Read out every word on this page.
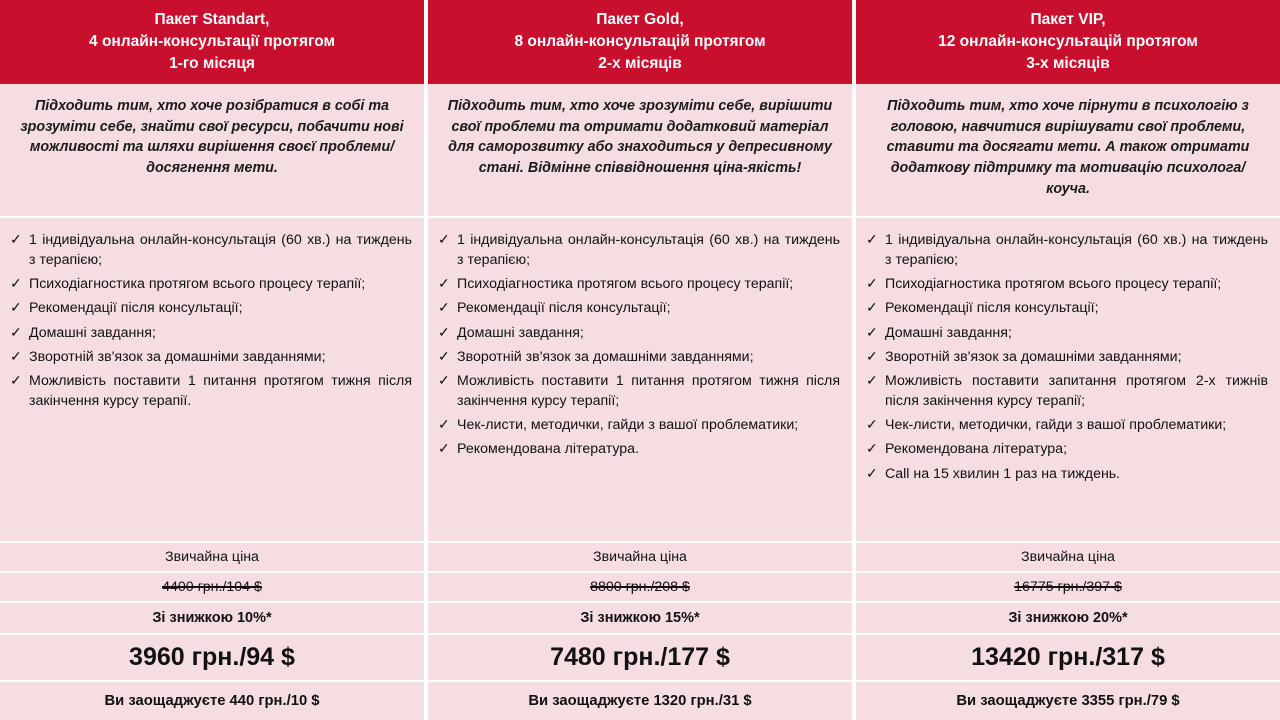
Пакет Standart,
4 онлайн-консультації протягом
1-го місяця

Підходить тим, хто хоче розібратися в собі та зрозуміти себе, знайти свої ресурси, побачити нові можливості та шляхи вирішення своєї проблеми/досягнення мети.

✓ 1 індивідуальна онлайн-консультація (60 хв.) на тиждень з терапією;
✓ Психодіагностика протягом всього процесу терапії;
✓ Рекомендації після консультації;
✓ Домашні завдання;
✓ Зворотній зв'язок за домашніми завданнями;
✓ Можливість поставити 1 питання протягом тижня після закінчення курсу терапії.
Звичайна ціна
4400 грн./104 $
Зі знижкою 10%*
3960 грн./94 $
Ви заощаджуєте 440 грн./10 $
Пакет Gold,
8 онлайн-консультацій протягом
2-х місяців

Підходить тим, хто хоче зрозуміти себе, вирішити свої проблеми та отримати додатковий матеріал для саморозвитку або знаходиться у депресивному стані. Відмінне співвідношення ціна-якість!

✓ 1 індивідуальна онлайн-консультація (60 хв.) на тиждень з терапією;
✓ Психодіагностика протягом всього процесу терапії;
✓ Рекомендації після консультації;
✓ Домашні завдання;
✓ Зворотній зв'язок за домашніми завданнями;
✓ Можливість поставити 1 питання протягом тижня після закінчення курсу терапії;
✓ Чек-листи, методички, гайди з вашої проблематики;
✓ Рекомендована література.
Звичайна ціна
8800 грн./208 $
Зі знижкою 15%*
7480 грн./177 $
Ви заощаджуєте 1320 грн./31 $
Пакет VIP,
12 онлайн-консультацій протягом
3-х місяців

Підходить тим, хто хоче пірнути в психологію з головою, навчитися вирішувати свої проблеми, ставити та досягати мети. А також отримати додаткову підтримку та мотивацію психолога/коуча.

✓ 1 індивідуальна онлайн-консультація (60 хв.) на тиждень з терапією;
✓ Психодіагностика протягом всього процесу терапії;
✓ Рекомендації після консультації;
✓ Домашні завдання;
✓ Зворотній зв'язок за домашніми завданнями;
✓ Можливість поставити запитання протягом 2-х тижнів після закінчення курсу терапії;
✓ Чек-листи, методички, гайди з вашої проблематики;
✓ Рекомендована література;
✓ Call на 15 хвилин 1 раз на тиждень.
Звичайна ціна
16775 грн./397 $
Зі знижкою 20%*
13420 грн./317 $
Ви заощаджуєте 3355 грн./79 $
